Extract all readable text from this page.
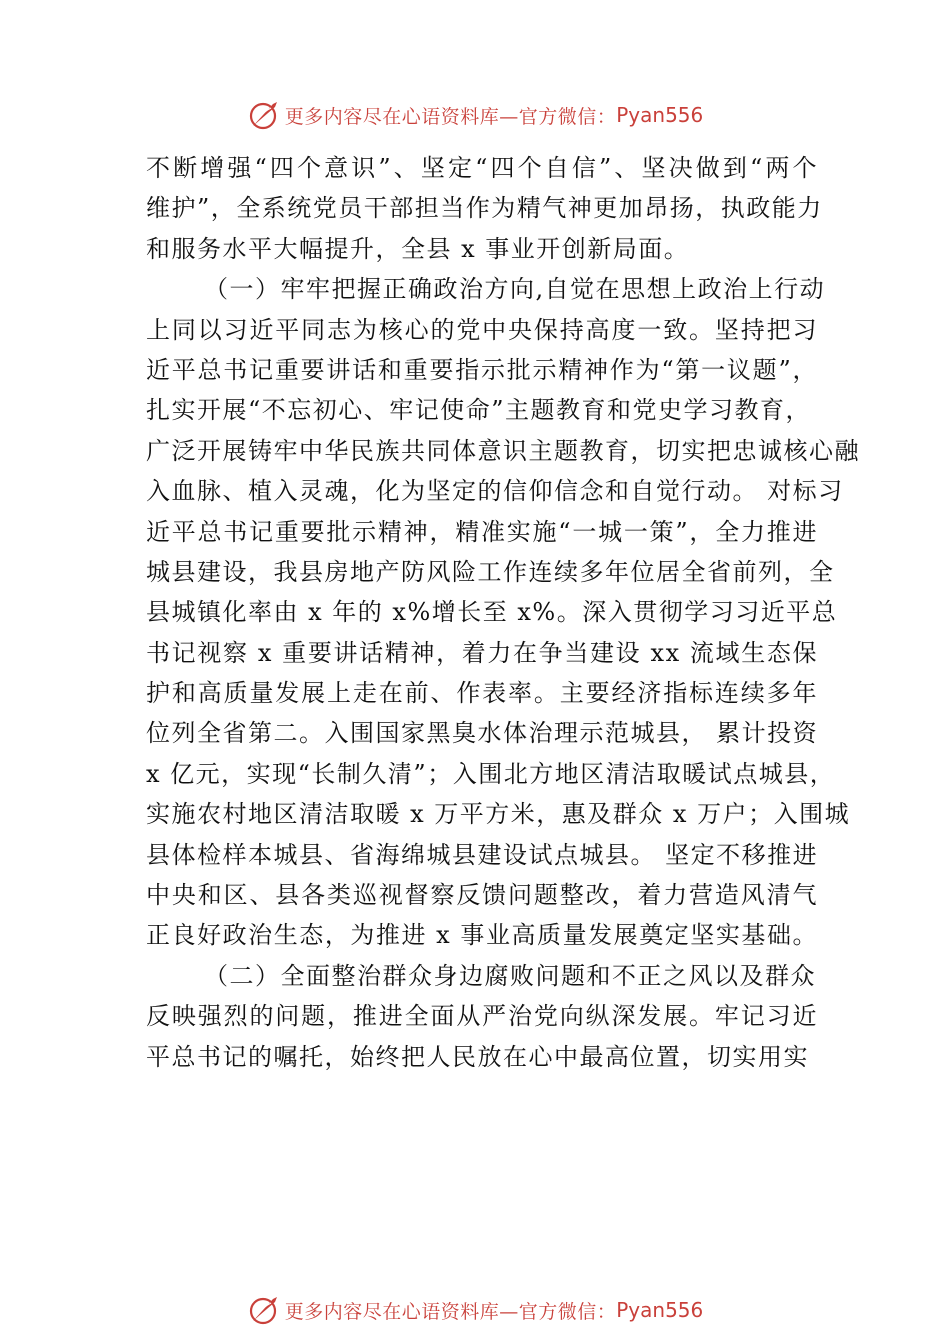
更多内容尽在心语资料库—官方微信： Pyan556
不断增强“四个意识”、坚定“四个自信”、坚决做到“两个
维护”，全系统党员干部担当作为精气神更加昂扬，执政能力
和服务水平大幅提升，全县 x 事业开创新局面。
（一）牢牢把握正确政治方向,自觉在思想上政治上行动
上同以习近平同志为核心的党中央保持高度一致。坚持把习
近平总书记重要讲话和重要指示批示精神作为“第一议题”，
扎实开展“不忘初心、牢记使命”主题教育和党史学习教育，
广泛开展铸牢中华民族共同体意识主题教育，切实把忠诚核心融
入血脉、植入灵魂，化为坚定的信仰信念和自觉行动。 对标习
近平总书记重要批示精神，精准实施“一城一策”，全力推进
城县建设，我县房地产防风险工作连续多年位居全省前列，全
县城镇化率由 x 年的 x%增长至 x%。深入贯彻学习习近平总
书记视察 x 重要讲话精神，着力在争当建设 xx 流域生态保
护和高质量发展上走在前、作表率。主要经济指标连续多年
位列全省第二。入围国家黑臭水体治理示范城县， 累计投资
x 亿元，实现“长制久清”；入围北方地区清洁取暖试点城县，
实施农村地区清洁取暖 x 万平方米，惠及群众 x 万户；入围城
县体检样本城县、省海绵城县建设试点城县。 坚定不移推进
中央和区、县各类巡视督察反馈问题整改，着力营造风清气
正良好政治生态，为推进 x 事业高质量发展奠定坚实基础。
（二）全面整治群众身边腐败问题和不正之风以及群众
反映强烈的问题，推进全面从严治党向纵深发展。牢记习近
平总书记的嘱托，始终把人民放在心中最高位置，切实用实
更多内容尽在心语资料库—官方微信： Pyan556
